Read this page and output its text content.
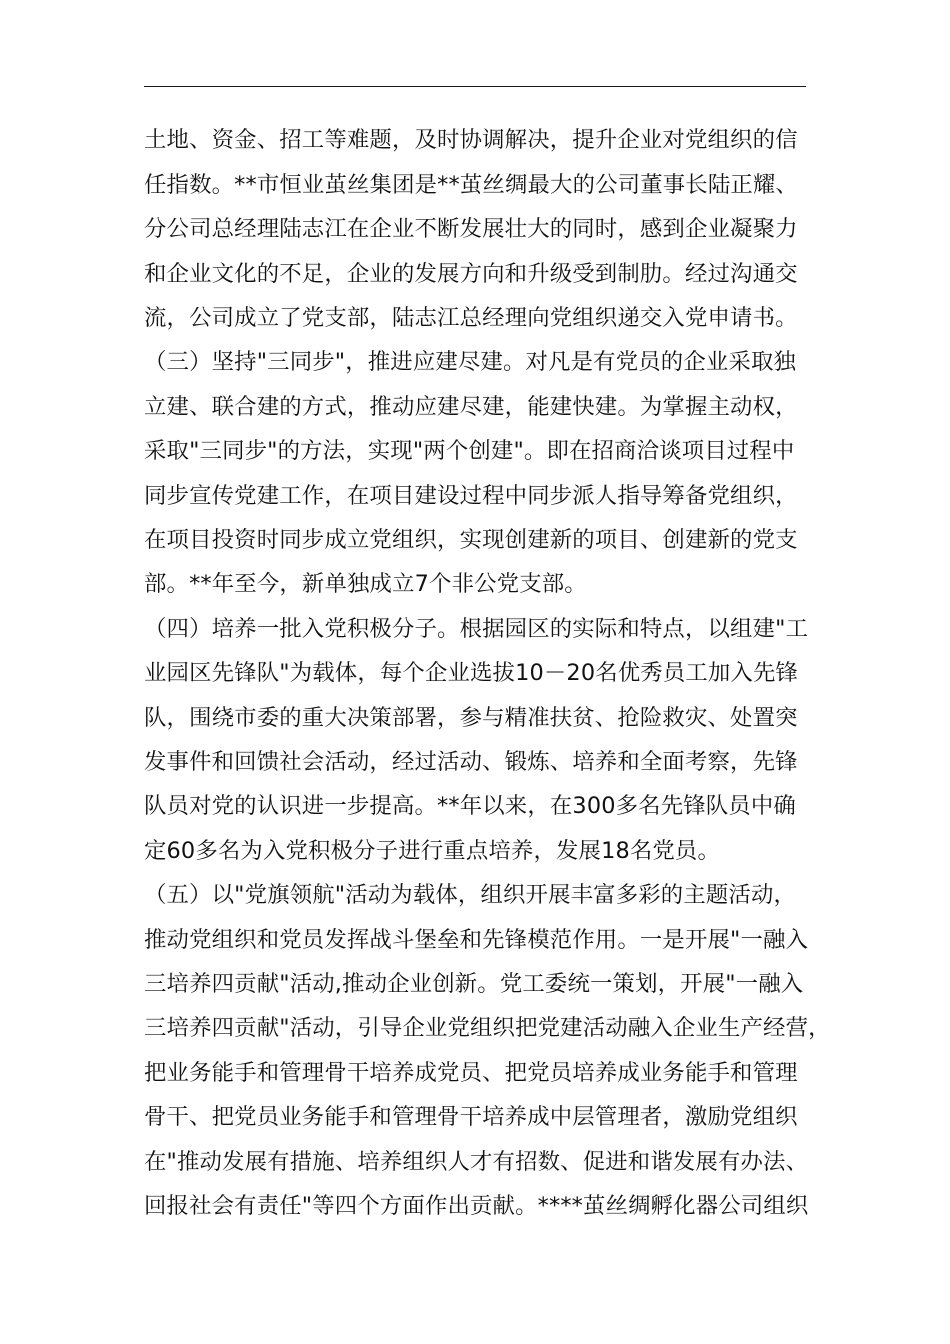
土地、资金、招工等难题，及时协调解决，提升企业对党组织的信
任指数。**市恒业茧丝集团是**茧丝绸最大的公司董事长陆正耀、
分公司总经理陆志江在企业不断发展壮大的同时，感到企业凝聚力
和企业文化的不足，企业的发展方向和升级受到制肋。经过沟通交
流，公司成立了党支部，陆志江总经理向党组织递交入党申请书。
（三）坚持"三同步"，推进应建尽建。对凡是有党员的企业采取独
立建、联合建的方式，推动应建尽建，能建快建。为掌握主动权，
采取"三同步"的方法，实现"两个创建"。即在招商洽谈项目过程中
同步宣传党建工作，在项目建设过程中同步派人指导筹备党组织，
在项目投资时同步成立党组织，实现创建新的项目、创建新的党支
部。**年至今，新单独成立7个非公党支部。
（四）培养一批入党积极分子。根据园区的实际和特点，以组建"工
业园区先锋队"为载体，每个企业选拔10－20名优秀员工加入先锋
队，围绕市委的重大决策部署，参与精准扶贫、抢险救灾、处置突
发事件和回馈社会活动，经过活动、锻炼、培养和全面考察，先锋
队员对党的认识进一步提高。**年以来，在300多名先锋队员中确
定60多名为入党积极分子进行重点培养，发展18名党员。
（五）以"党旗领航"活动为载体，组织开展丰富多彩的主题活动，
推动党组织和党员发挥战斗堡垒和先锋模范作用。一是开展"一融入
三培养四贡献"活动,推动企业创新。党工委统一策划，开展"一融入
三培养四贡献"活动，引导企业党组织把党建活动融入企业生产经营，
把业务能手和管理骨干培养成党员、把党员培养成业务能手和管理
骨干、把党员业务能手和管理骨干培养成中层管理者，激励党组织
在"推动发展有措施、培养组织人才有招数、促进和谐发展有办法、
回报社会有责任"等四个方面作出贡献。****茧丝绸孵化器公司组织
